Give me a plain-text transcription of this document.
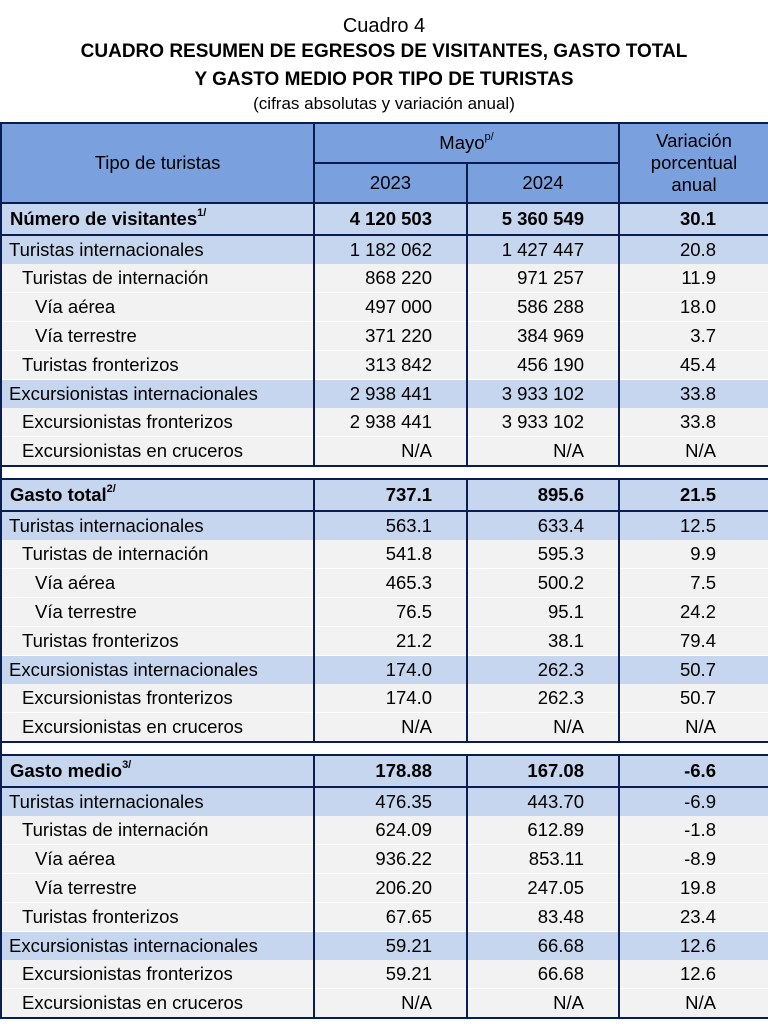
Cuadro 4
CUADRO RESUMEN DE EGRESOS DE VISITANTES, GASTO TOTAL
Y GASTO MEDIO POR TIPO DE TURISTAS
(cifras absolutas y variación anual)
Tipo de turistas	Mayo$^{p/}$		Variación
porcentual
anual

	2023	2024	
Número de visitantes$^{1/}$	4 120 503	5 360 549	30.1
Turistas internacionales	1 182 062	1 427 447	20.8
Turistas de internación	868 220	971 257	11.9
Vía aérea	497 000	586 288	18.0
Vía terrestre	371 220	384 969	3.7
Turistas fronterizos	313 842	456 190	45.4
Excursionistas internacionales	2 938 441	3 933 102	33.8
Excursionistas fronterizos	2 938 441	3 933 102	33.8
Excursionistas en cruceros	N/A	N/A	N/A

Gasto total$^{2/}$	737.1	895.6	21.5
Turistas internacionales	563.1	633.4	12.5
Turistas de internación	541.8	595.3	9.9
Vía aérea	465.3	500.2	7.5
Vía terrestre	76.5	95.1	24.2
Turistas fronterizos	21.2	38.1	79.4
Excursionistas internacionales	174.0	262.3	50.7
Excursionistas fronterizos	174.0	262.3	50.7
Excursionistas en cruceros	N/A	N/A	N/A

Gasto medio$^{3/}$	178.88	167.08	-6.6
Turistas internacionales	476.35	443.70	-6.9
Turistas de internación	624.09	612.89	-1.8
Vía aérea	936.22	853.11	-8.9
Vía terrestre	206.20	247.05	19.8
Turistas fronterizos	67.65	83.48	23.4
Excursionistas internacionales	59.21	66.68	12.6
Excursionistas fronterizos	59.21	66.68	12.6
Excursionistas en cruceros	N/A	N/A	N/A
